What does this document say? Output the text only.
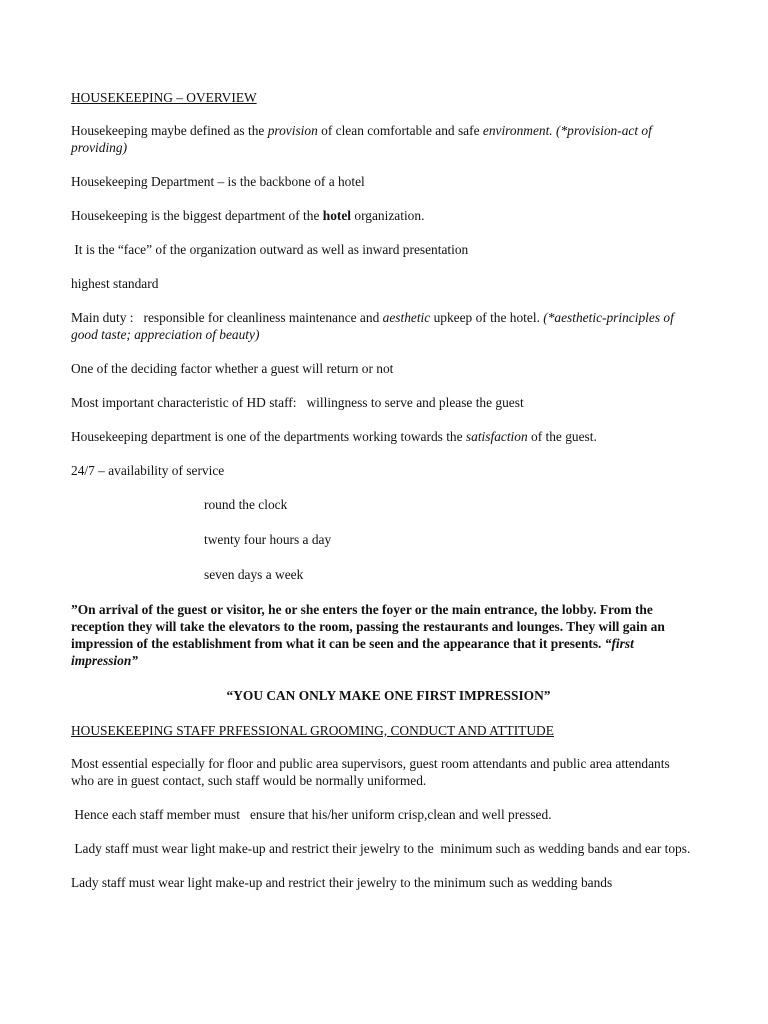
HOUSEKEEPING – OVERVIEW

Housekeeping maybe defined as the provision of clean comfortable and safe environment. (*provision-act of providing)

Housekeeping Department – is the backbone of a hotel

Housekeeping is the biggest department of the hotel organization.

It is the “face” of the organization outward as well as inward presentation

highest standard

Main duty :   responsible for cleanliness maintenance and aesthetic upkeep of the hotel. (*aesthetic-principles of good taste; appreciation of beauty)

One of the deciding factor whether a guest will return or not

Most important characteristic of HD staff:   willingness to serve and please the guest

Housekeeping department is one of the departments working towards the satisfaction of the guest.

24/7 – availability of service

round the clock

twenty four hours a day

seven days a week

”On arrival of the guest or visitor, he or she enters the foyer or the main entrance, the lobby. From the reception they will take the elevators to the room, passing the restaurants and lounges. They will gain an impression of the establishment from what it can be seen and the appearance that it presents. “first impression”

“YOU CAN ONLY MAKE ONE FIRST IMPRESSION”

HOUSEKEEPING STAFF PRFESSIONAL GROOMING, CONDUCT AND ATTITUDE

Most essential especially for floor and public area supervisors, guest room attendants and public area attendants who are in guest contact, such staff would be normally uniformed.

Hence each staff member must   ensure that his/her uniform crisp,clean and well pressed.

Lady staff must wear light make-up and restrict their jewelry to the  minimum such as wedding bands and ear tops.

Lady staff must wear light make-up and restrict their jewelry to the minimum such as wedding bands
